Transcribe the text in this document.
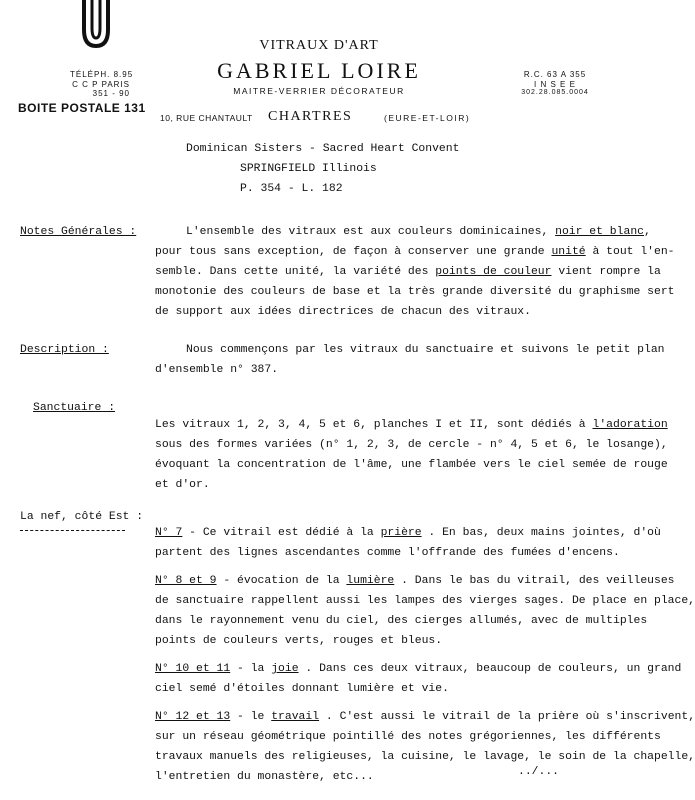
VITRAUX D'ART
GABRIEL LOIRE
MAITRE-VERRIER DÉCORATEUR
TÉLÉPH. 8.95
C C P PARIS
351 - 90
R.C. 63 A 355
I N S E E
302.28.085.0004
BOITE POSTALE 131
10, RUE CHANTAULT CHARTRES	(EURE-ET-LOIR)
Dominican Sisters - Sacred Heart Convent
SPRINGFIELD Illinois
P. 354 - L. 182
Notes Générales :	L'ensemble des vitraux est aux couleurs dominicaines, noir et blanc,
pour tous sans exception, de façon à conserver une grande unité à tout l'en-
semble. Dans cette unité, la variété des points de couleur vient rompre la
monotonie des couleurs de base et la très grande diversité du graphisme sert
de support aux idées directrices de chacun des vitraux.
Description :	Nous commençons par les vitraux du sanctuaire et suivons le petit plan
d'ensemble n° 387.
Sanctuaire :
Les vitraux 1, 2, 3, 4, 5 et 6, planches I et II, sont dédiés à l'adoration
sous des formes variées (n° 1, 2, 3, de cercle - n° 4, 5 et 6, le losange),
évoquant la concentration de l'âme, une flambée vers le ciel semée de rouge
et d'or.
La nef, côté Est :
N° 7 - Ce vitrail est dédié à la prière . En bas, deux mains jointes, d'où
partent des lignes ascendantes comme l'offrande des fumées d'encens.
N° 8 et 9 - évocation de la lumière . Dans le bas du vitrail, des veilleuses
de sanctuaire rappellent aussi les lampes des vierges sages. De place en place,
dans le rayonnement venu du ciel, des cierges allumés, avec de multiples
points de couleurs verts, rouges et bleus.
N° 10 et 11 - la joie . Dans ces deux vitraux, beaucoup de couleurs, un grand
ciel semé d'étoiles donnant lumière et vie.
N° 12 et 13 - le travail . C'est aussi le vitrail de la prière où s'inscrivent,
sur un réseau géométrique pointillé des notes grégoriennes, les différents
travaux manuels des religieuses, la cuisine, le lavage, le soin de la chapelle,
l'entretien du monastère, etc...	../...
